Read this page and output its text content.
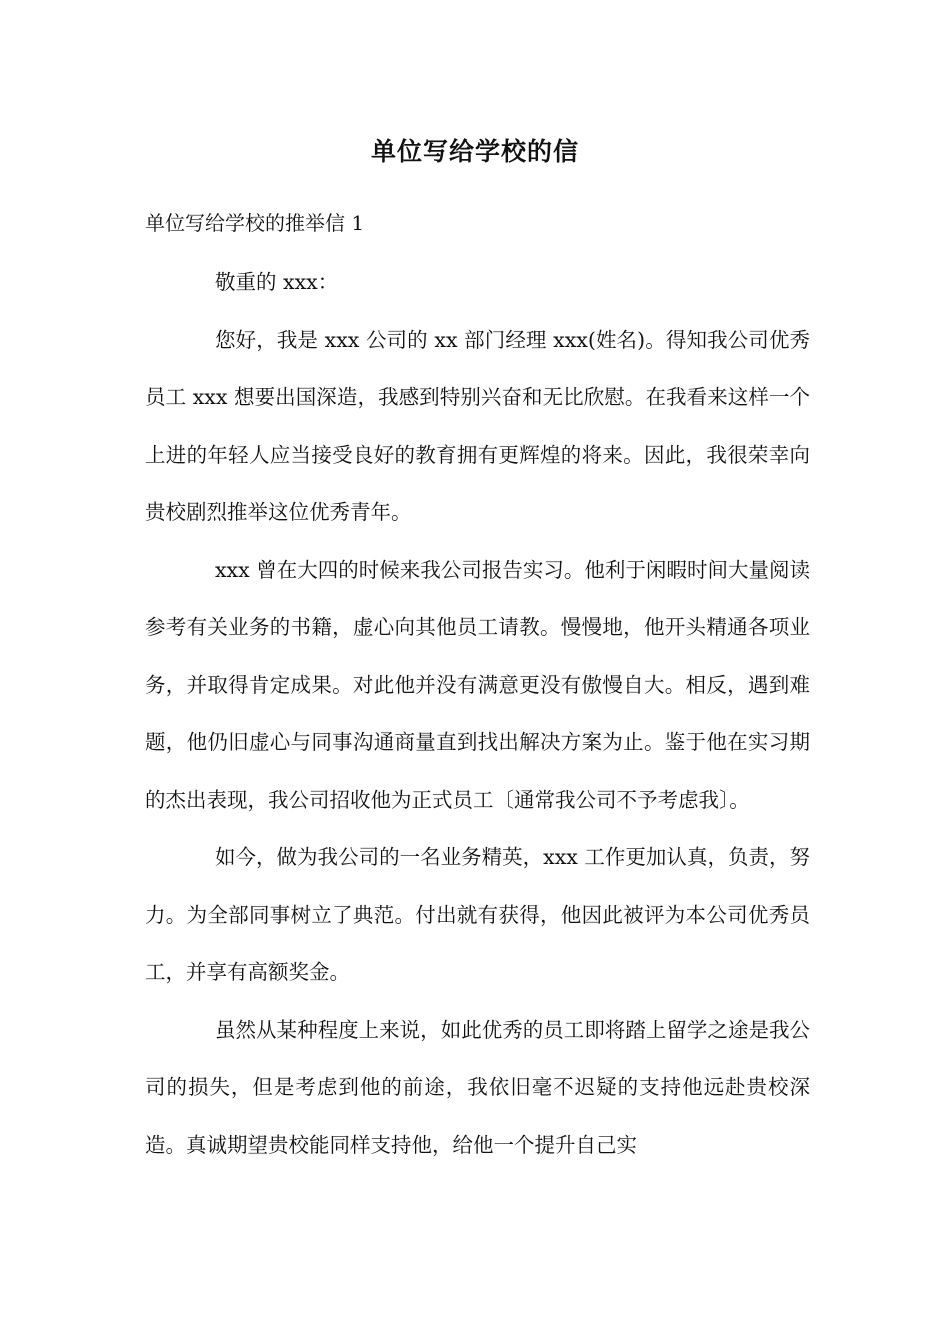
单位写给学校的信
单位写给学校的推举信 1

敬重的 xxx：

您好，我是 xxx 公司的 xx 部门经理 xxx(姓名)。得知我公司优秀员工 xxx 想要出国深造，我感到特别兴奋和无比欣慰。在我看来这样一个上进的年轻人应当接受良好的教育拥有更辉煌的将来。因此，我很荣幸向贵校剧烈推举这位优秀青年。

xxx 曾在大四的时候来我公司报告实习。他利于闲暇时间大量阅读参考有关业务的书籍，虚心向其他员工请教。慢慢地，他开头精通各项业务，并取得肯定成果。对此他并没有满意更没有傲慢自大。相反，遇到难题，他仍旧虚心与同事沟通商量直到找出解决方案为止。鉴于他在实习期的杰出表现，我公司招收他为正式员工〔通常我公司不予考虑我〕。

如今，做为我公司的一名业务精英，xxx 工作更加认真，负责，努力。为全部同事树立了典范。付出就有获得，他因此被评为本公司优秀员工，并享有高额奖金。

虽然从某种程度上来说，如此优秀的员工即将踏上留学之途是我公司的损失，但是考虑到他的前途，我依旧毫不迟疑的支持他远赴贵校深造。真诚期望贵校能同样支持他，给他一个提升自己实
